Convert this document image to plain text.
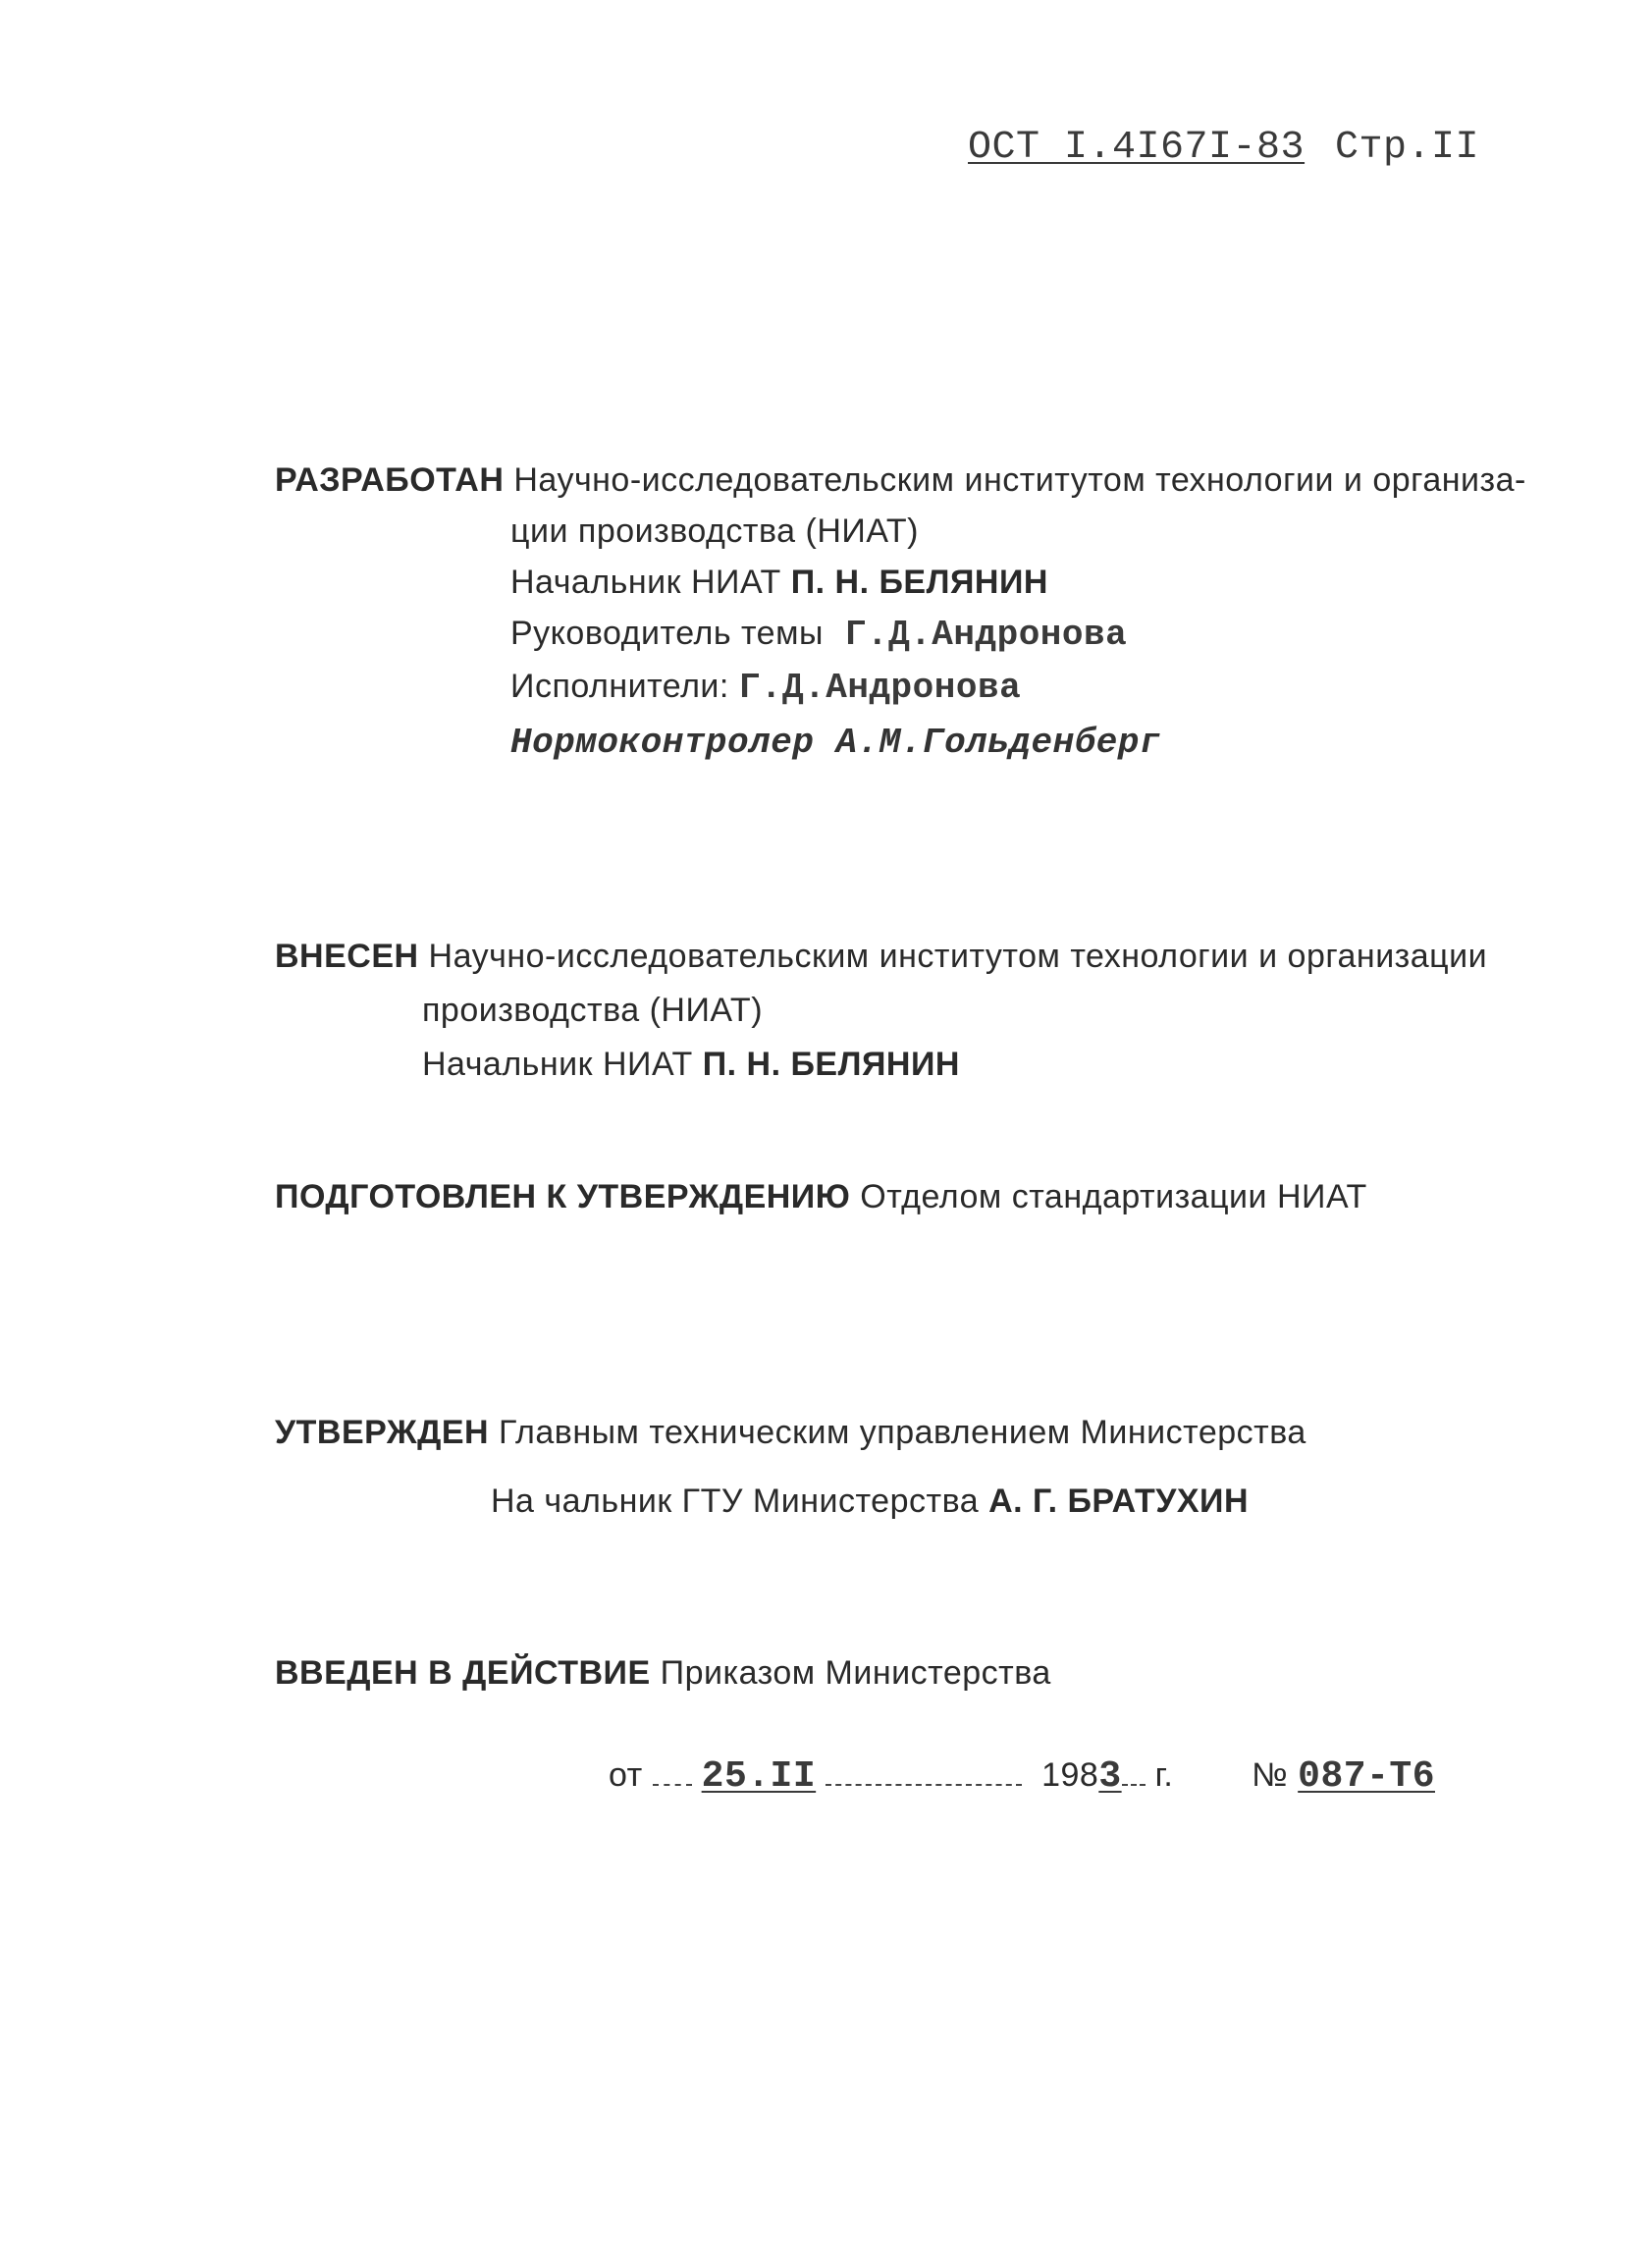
ОСТ I.4I67I-83 Стр.II
РАЗРАБОТАН Научно-исследовательским институтом технологии и организа-
ции производства (НИАТ)
Начальник НИАТ П. Н. БЕЛЯНИН
Руководитель темы Г.Д.Андронова
Исполнители: Г.Д.Андронова
Нормоконтролер А.М.Гольденберг
ВНЕСЕН Научно-исследовательским институтом технологии и организации
производства (НИАТ)
Начальник НИАТ П. Н. БЕЛЯНИН
ПОДГОТОВЛЕН К УТВЕРЖДЕНИЮ Отделом стандартизации НИАТ
УТВЕРЖДЕН Главным техническим управлением Министерства
На чальник ГТУ Министерства А. Г. БРАТУХИН
ВВЕДЕН В ДЕЙСТВИЕ Приказом Министерства
от 25.II	1983 г. № 087-Т6
